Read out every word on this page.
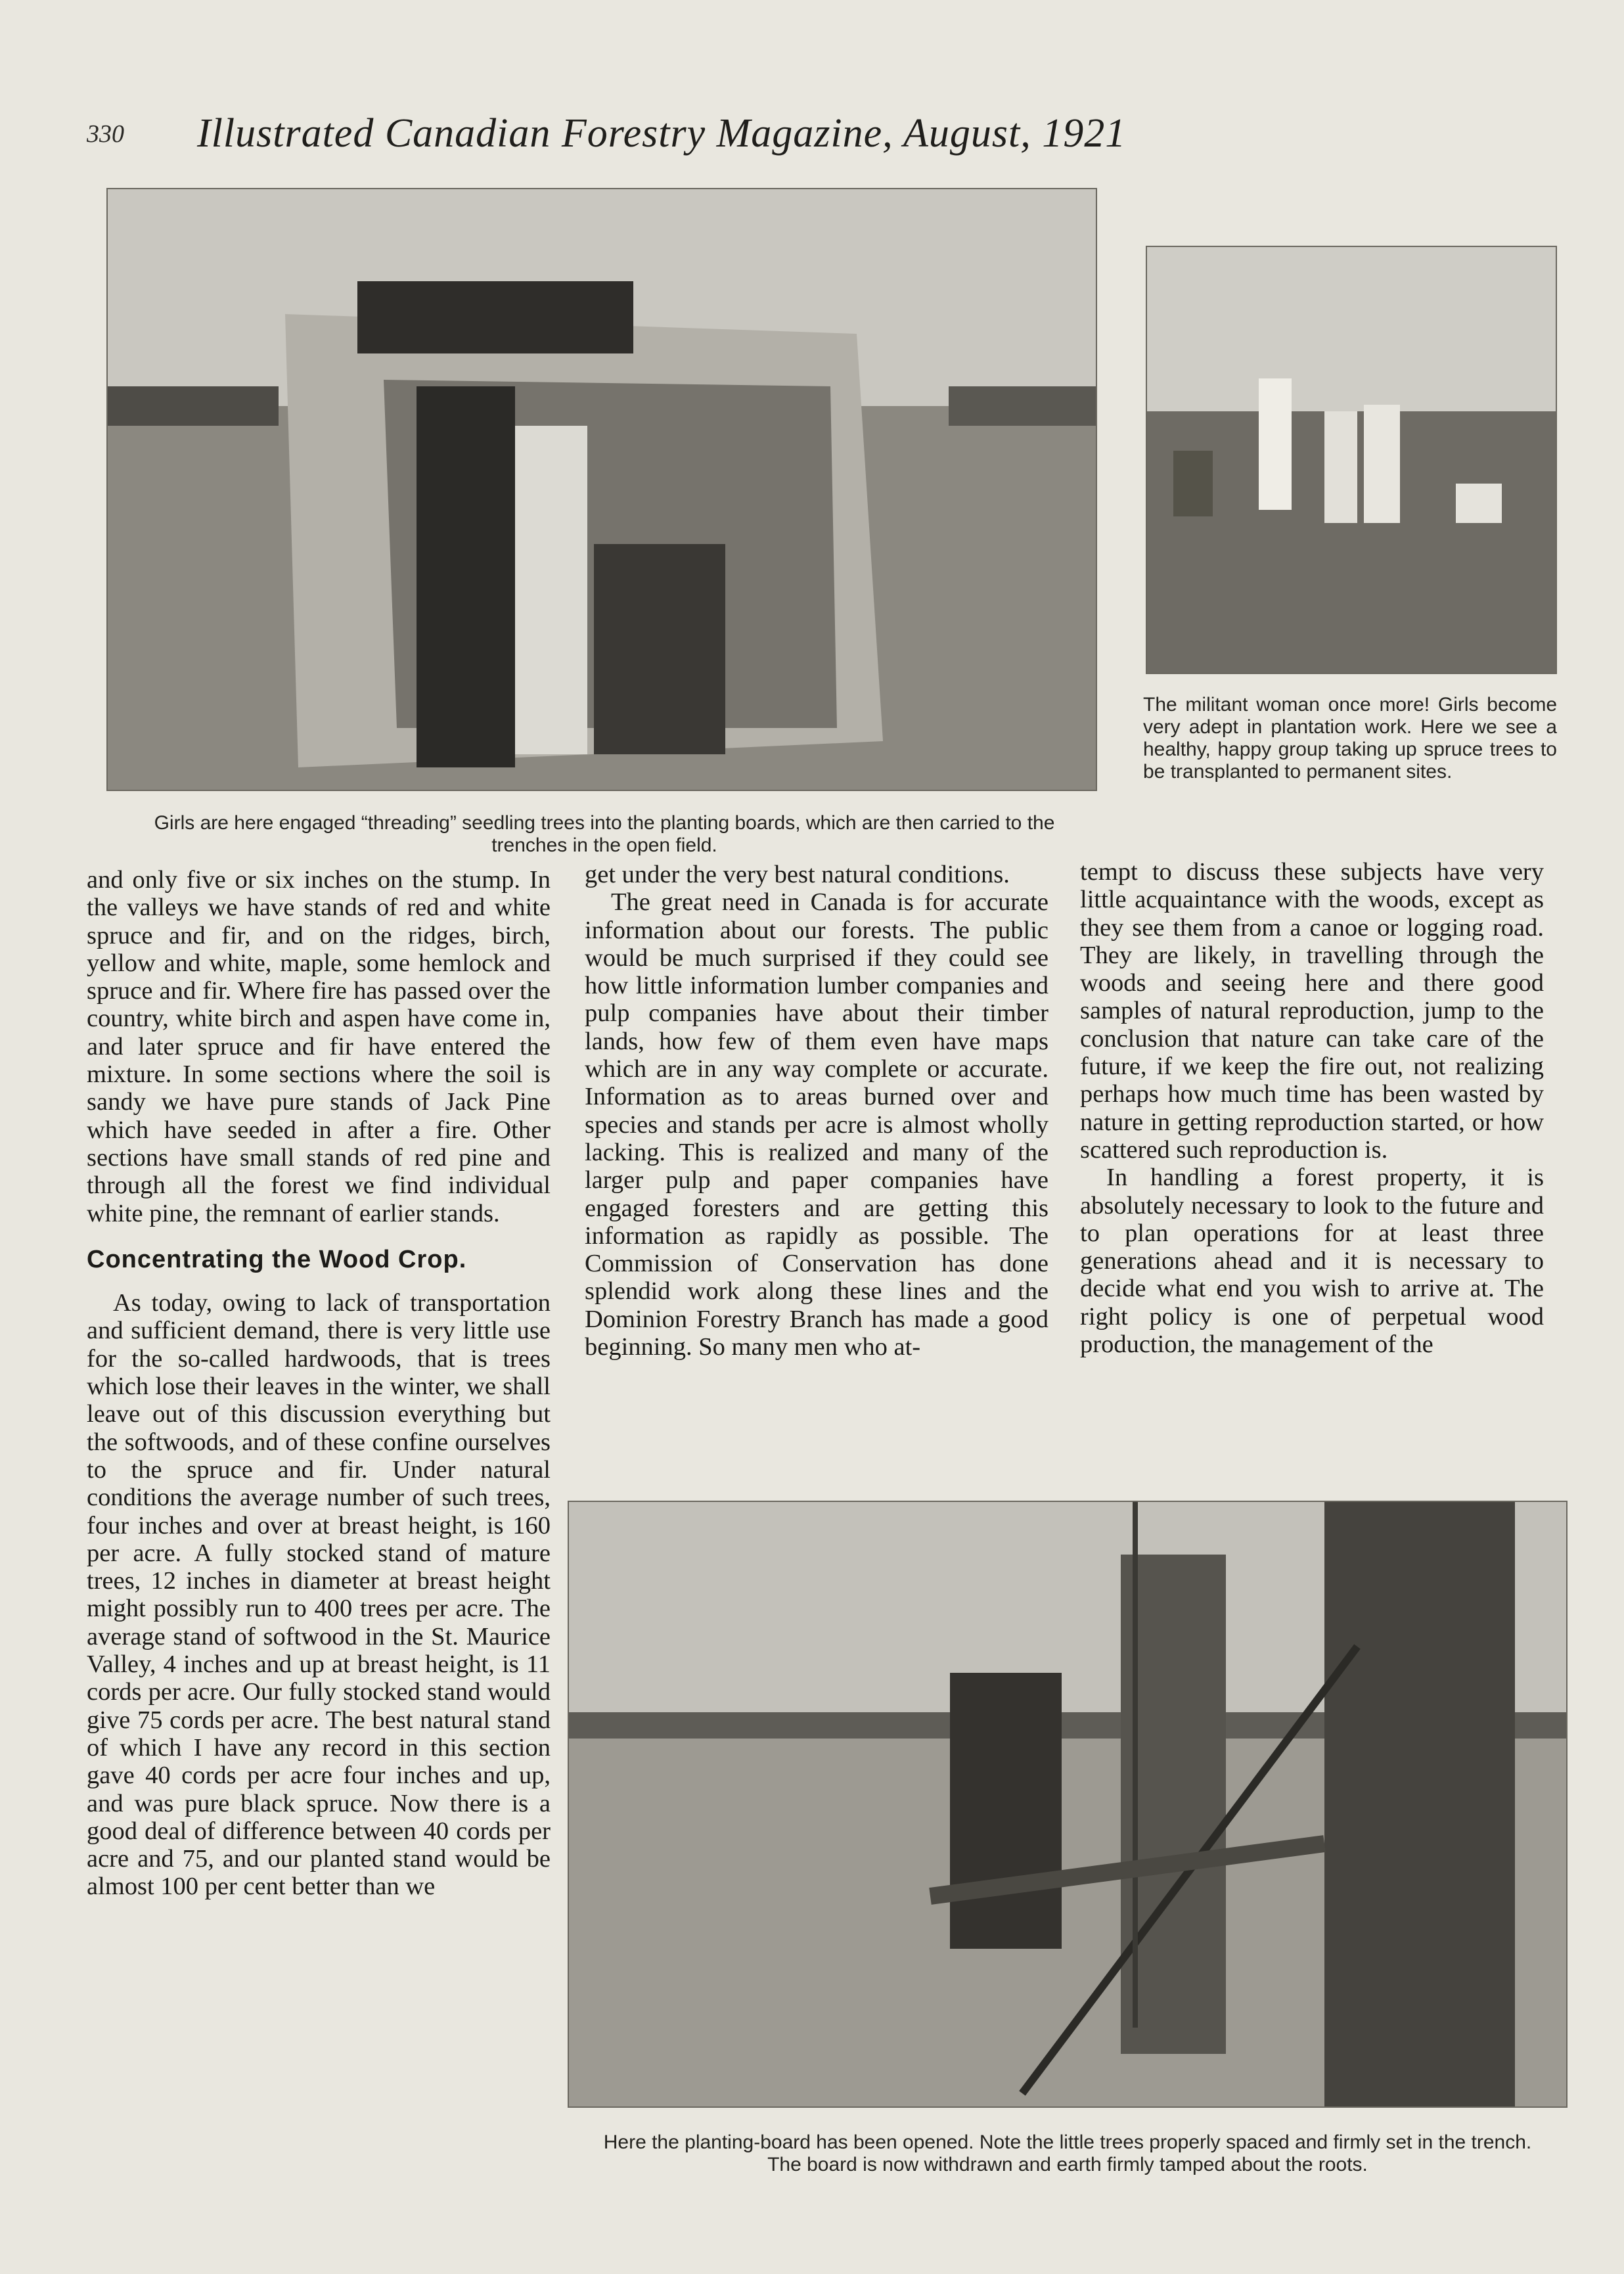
330 Illustrated Canadian Forestry Magazine, August, 1921
Girls are here engaged “threading” seedling trees into the planting boards, which are then carried to the trenches in the open field.
The militant woman once more! Girls become very adept in plantation work. Here we see a healthy, happy group taking up spruce trees to be transplanted to permanent sites.
Here the planting-board has been opened. Note the little trees properly spaced and firmly set in the trench. The board is now withdrawn and earth firmly tamped about the roots.

and only five or six inches on the stump. In the valleys we have stands of red and white spruce and fir, and on the ridges, birch, yellow and white, maple, some hemlock and spruce and fir. Where fire has passed over the country, white birch and aspen have come in, and later spruce and fir have entered the mixture. In some sections where the soil is sandy we have pure stands of Jack Pine which have seeded in after a fire. Other sections have small stands of red pine and through all the forest we find individual white pine, the remnant of earlier stands.

Concentrating the Wood Crop.

As today, owing to lack of transportation and sufficient demand, there is very little use for the so-called hardwoods, that is trees which lose their leaves in the winter, we shall leave out of this discussion everything but the softwoods, and of these confine ourselves to the spruce and fir. Under natural conditions the average number of such trees, four inches and over at breast height, is 160 per acre. A fully stocked stand of mature trees, 12 inches in diameter at breast height might possibly run to 400 trees per acre. The average stand of softwood in the St. Maurice Valley, 4 inches and up at breast height, is 11 cords per acre. Our fully stocked stand would give 75 cords per acre. The best natural stand of which I have any record in this section gave 40 cords per acre four inches and up, and was pure black spruce. Now there is a good deal of difference between 40 cords per acre and 75, and our planted stand would be almost 100 per cent better than we

get under the very best natural conditions.

The great need in Canada is for accurate information about our forests. The public would be much surprised if they could see how little information lumber companies and pulp companies have about their timber lands, how few of them even have maps which are in any way complete or accurate. Information as to areas burned over and species and stands per acre is almost wholly lacking. This is realized and many of the larger pulp and paper companies have engaged foresters and are getting this information as rapidly as possible. The Commission of Conservation has done splendid work along these lines and the Dominion Forestry Branch has made a good beginning. So many men who at-

tempt to discuss these subjects have very little acquaintance with the woods, except as they see them from a canoe or logging road. They are likely, in travelling through the woods and seeing here and there good samples of natural reproduction, jump to the conclusion that nature can take care of the future, if we keep the fire out, not realizing perhaps how much time has been wasted by nature in getting reproduction started, or how scattered such reproduction is.

In handling a forest property, it is absolutely necessary to look to the future and to plan operations for at least three generations ahead and it is necessary to decide what end you wish to arrive at. The right policy is one of perpetual wood production, the management of the
